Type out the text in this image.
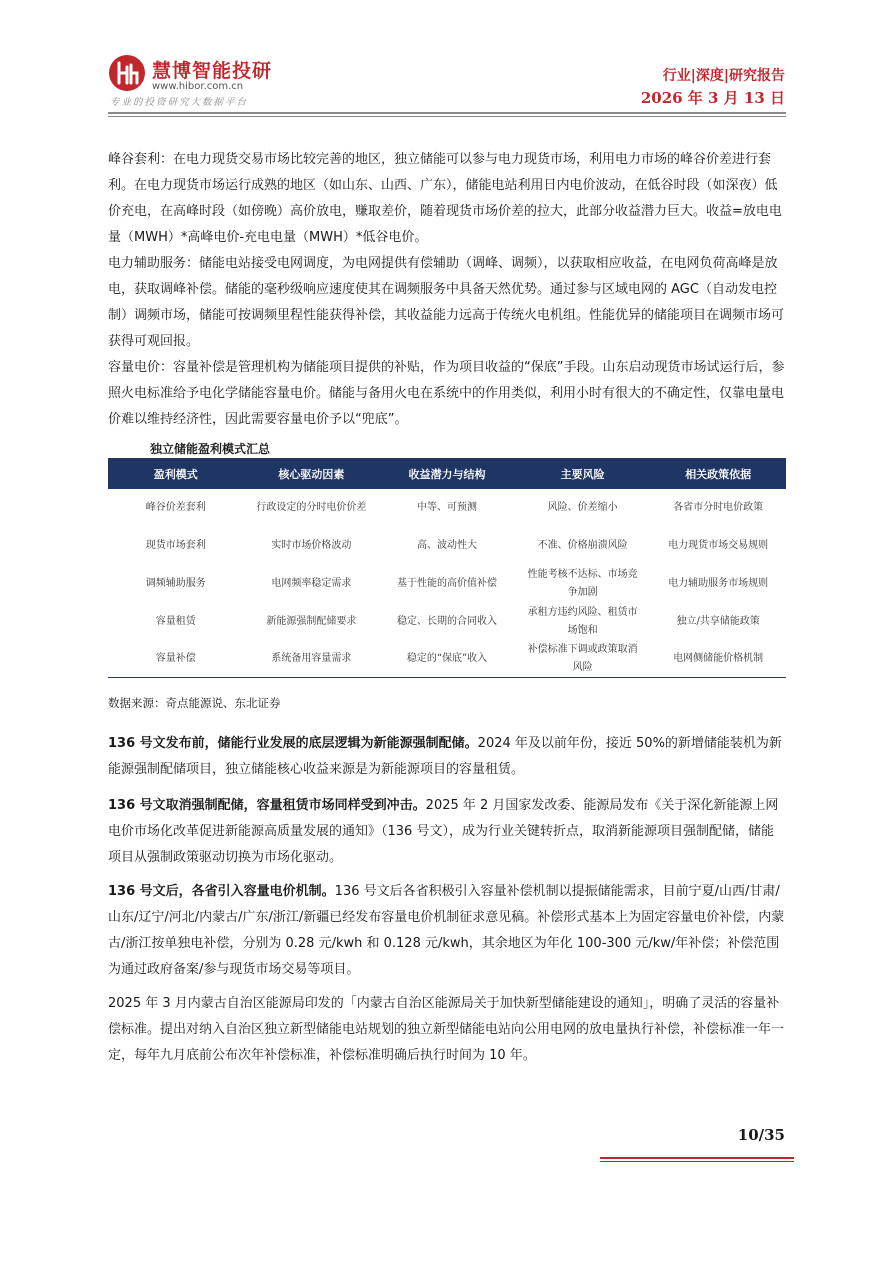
慧博智能投研
www.hibor.com.cn
专业的投资研究大数据平台
行业|深度|研究报告
2026 年 3 月 13 日

峰谷套利：在电力现货交易市场比较完善的地区，独立储能可以参与电力现货市场，利用电力市场的峰谷价差进行套利。在电力现货市场运行成熟的地区（如山东、山西、广东），储能电站利用日内电价波动，在低谷时段（如深夜）低价充电，在高峰时段（如傍晚）高价放电，赚取差价，随着现货市场价差的拉大，此部分收益潜力巨大。收益=放电电量（MWH）*高峰电价-充电电量（MWH）*低谷电价。

电力辅助服务：储能电站接受电网调度，为电网提供有偿辅助（调峰、调频），以获取相应收益，在电网负荷高峰是放电，获取调峰补偿。储能的毫秒级响应速度使其在调频服务中具备天然优势。通过参与区域电网的 AGC（自动发电控制）调频市场，储能可按调频里程性能获得补偿，其收益能力远高于传统火电机组。性能优异的储能项目在调频市场可获得可观回报。

容量电价：容量补偿是管理机构为储能项目提供的补贴，作为项目收益的“保底”手段。山东启动现货市场试运行后，参照火电标准给予电化学储能容量电价。储能与备用火电在系统中的作用类似，利用小时有很大的不确定性，仅靠电量电价难以维持经济性，因此需要容量电价予以“兜底”。

独立储能盈利模式汇总
盈利模式	核心驱动因素	收益潜力与结构	主要风险	相关政策依据
峰谷价差套利	行政设定的分时电价价差	中等、可预测	风险、价差缩小	各省市分时电价政策
现货市场套利	实时市场价格波动	高、波动性大	不准、价格崩溃风险	电力现货市场交易规则
调频辅助服务	电网频率稳定需求	基于性能的高价值补偿	性能考核不达标、市场竞争加剧	电力辅助服务市场规则
容量租赁	新能源强制配储要求	稳定、长期的合同收入	承租方违约风险、租赁市场饱和	独立/共享储能政策
容量补偿	系统备用容量需求	稳定的“保底”收入	补偿标准下调或政策取消风险	电网侧储能价格机制
数据来源：奇点能源说、东北证券

136 号文发布前，储能行业发展的底层逻辑为新能源强制配储。2024 年及以前年份，接近 50%的新增储能装机为新能源强制配储项目，独立储能核心收益来源是为新能源项目的容量租赁。

136 号文取消强制配储，容量租赁市场同样受到冲击。2025 年 2 月国家发改委、能源局发布《关于深化新能源上网电价市场化改革促进新能源高质量发展的通知》（136 号文），成为行业关键转折点，取消新能源项目强制配储，储能项目从强制政策驱动切换为市场化驱动。

136 号文后，各省引入容量电价机制。136 号文后各省积极引入容量补偿机制以提振储能需求，目前宁夏/山西/甘肃/山东/辽宁/河北/内蒙古/广东/浙江/新疆已经发布容量电价机制征求意见稿。补偿形式基本上为固定容量电价补偿，内蒙古/浙江按单独电补偿，分别为 0.28 元/kwh 和 0.128 元/kwh，其余地区为年化 100-300 元/kw/年补偿；补偿范围为通过政府备案/参与现货市场交易等项目。

2025 年 3 月内蒙古自治区能源局印发的「内蒙古自治区能源局关于加快新型储能建设的通知」，明确了灵活的容量补偿标准。提出对纳入自治区独立新型储能电站规划的独立新型储能电站向公用电网的放电量执行补偿，补偿标准一年一定，每年九月底前公布次年补偿标准，补偿标准明确后执行时间为 10 年。

10/35
